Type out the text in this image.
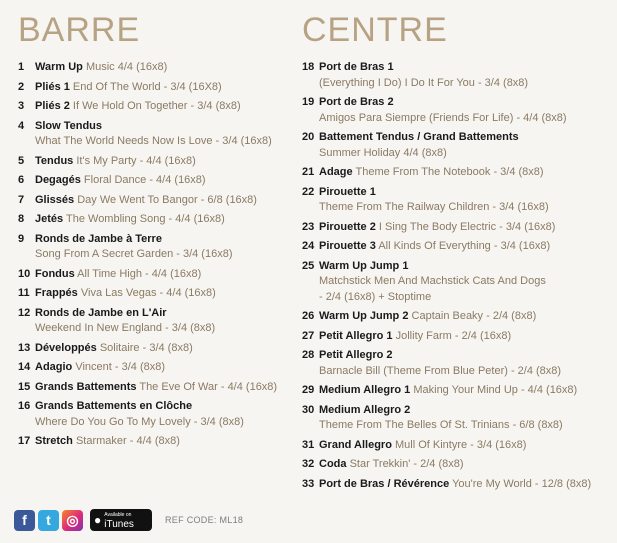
BARRE
1 Warm Up Music 4/4 (16x8)
2 Pliés 1 End Of The World - 3/4 (16X8)
3 Pliés 2 If We Hold On Together - 3/4 (8x8)
4 Slow Tendus
What The World Needs Now Is Love - 3/4 (16x8)
5 Tendus It's My Party - 4/4 (16x8)
6 Degagés Floral Dance - 4/4 (16x8)
7 Glissés Day We Went To Bangor - 6/8 (16x8)
8 Jetés The Wombling Song - 4/4 (16x8)
9 Ronds de Jambe à Terre
Song From A Secret Garden - 3/4 (16x8)
10 Fondus All Time High - 4/4 (16x8)
11 Frappés Viva Las Vegas - 4/4 (16x8)
12 Ronds de Jambe en L'Air
Weekend In New England - 3/4 (8x8)
13 Développés Solitaire - 3/4 (8x8)
14 Adagio Vincent - 3/4 (8x8)
15 Grands Battements The Eve Of War - 4/4 (16x8)
16 Grands Battements en Clôche
Where Do You Go To My Lovely - 3/4 (8x8)
17 Stretch Starmaker - 4/4 (8x8)
CENTRE
18 Port de Bras 1
(Everything I Do) I Do It For You - 3/4 (8x8)
19 Port de Bras 2
Amigos Para Siempre (Friends For Life) - 4/4 (8x8)
20 Battement Tendus / Grand Battements
Summer Holiday 4/4 (8x8)
21 Adage Theme From The Notebook - 3/4 (8x8)
22 Pirouette 1
Theme From The Railway Children - 3/4 (16x8)
23 Pirouette 2 I Sing The Body Electric - 3/4 (16x8)
24 Pirouette 3 All Kinds Of Everything - 3/4 (16x8)
25 Warm Up Jump 1
Matchstick Men And Machstick Cats And Dogs
- 2/4 (16x8) + Stoptime
26 Warm Up Jump 2 Captain Beaky - 2/4 (8x8)
27 Petit Allegro 1 Jollity Farm - 2/4 (16x8)
28 Petit Allegro 2
Barnacle Bill (Theme From Blue Peter) - 2/4 (8x8)
29 Medium Allegro 1 Making Your Mind Up - 4/4 (16x8)
30 Medium Allegro 2
Theme From The Belles Of St. Trinians - 6/8 (8x8)
31 Grand Allegro Mull Of Kintyre - 3/4 (16x8)
32 Coda Star Trekkin' - 2/4 (8x8)
33 Port de Bras / Révérence You're My World - 12/8 (8x8)
f	t	◎	● Available on
iTunes	REF CODE: ML18
